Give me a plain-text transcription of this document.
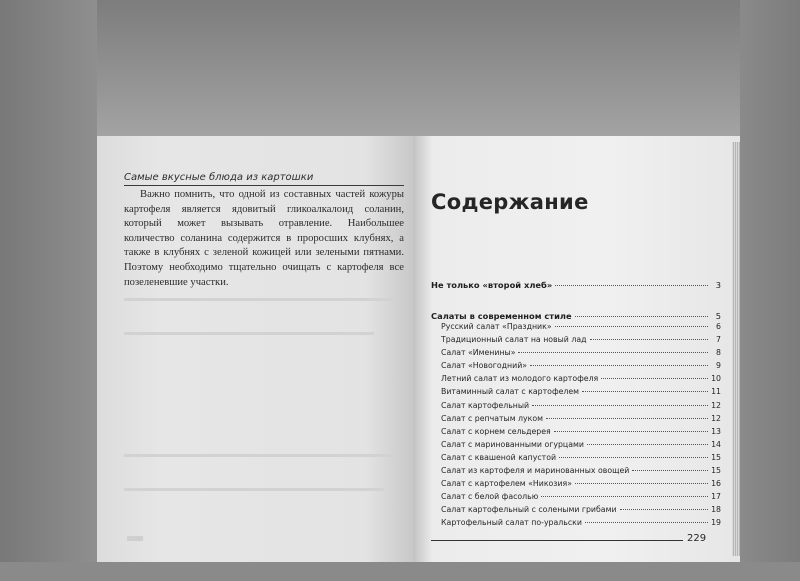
Самые вкусные блюда из картошки
Важно помнить, что одной из составных частей кожуры картофеля является ядовитый гликоалкалоид соланин, который может вызывать отравление. Наибольшее количество соланина содержится в проросших клубнях, а также в клубнях с зеленой кожицей или зелеными пятнами. Поэтому необходимо тщательно очищать с картофеля все позеленевшие участки.
Содержание
Не только «второй хлеб»	3
Салаты в современном стиле	5
Русский салат «Праздник»	6
Традиционный салат на новый лад	7
Салат «Именины»	8
Салат «Новогодний»	9
Летний салат из молодого картофеля	10
Витаминный салат с картофелем	11
Салат картофельный	12
Салат с репчатым луком	12
Салат с корнем сельдерея	13
Салат с маринованными огурцами	14
Салат с квашеной капустой	15
Салат из картофеля и маринованных овощей	15
Салат с картофелем «Никозия»	16
Салат с белой фасолью	17
Салат картофельный с солеными грибами	18
Картофельный салат по-уральски	19
229
